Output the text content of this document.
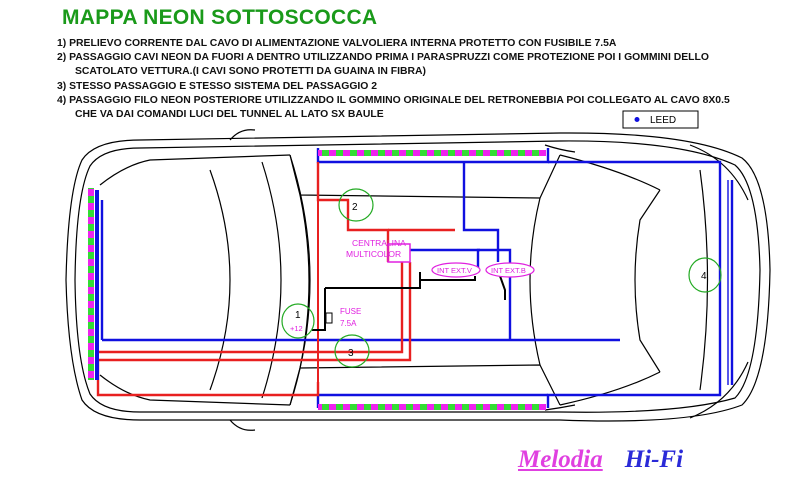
MAPPA NEON SOTTOSCOCCA
1) PRELIEVO CORRENTE DAL CAVO DI ALIMENTAZIONE VALVOLIERA INTERNA PROTETTO CON FUSIBILE 7.5A
2) PASSAGGIO CAVI NEON DA FUORI A DENTRO UTILIZZANDO PRIMA I PARASPRUZZI COME PROTEZIONE POI I GOMMINI DELLO
SCATOLATO VETTURA.(I CAVI SONO PROTETTI DA GUAINA IN FIBRA)
3) STESSO PASSAGGIO E STESSO SISTEMA DEL PASSAGGIO 2
4) PASSAGGIO FILO NEON POSTERIORE UTILIZZANDO IL GOMMINO ORIGINALE DEL RETRONEBBIA POI COLLEGATO AL CAVO 8X0.5
CHE VA DAI COMANDI LUCI DEL TUNNEL AL LATO SX BAULE
CENTRALINA
MULTICOLOR
INT EXT.V	INT EXT.B
FUSE
7.5A
1
+12
2
3
4
LEED
Melodia Hi-Fi
